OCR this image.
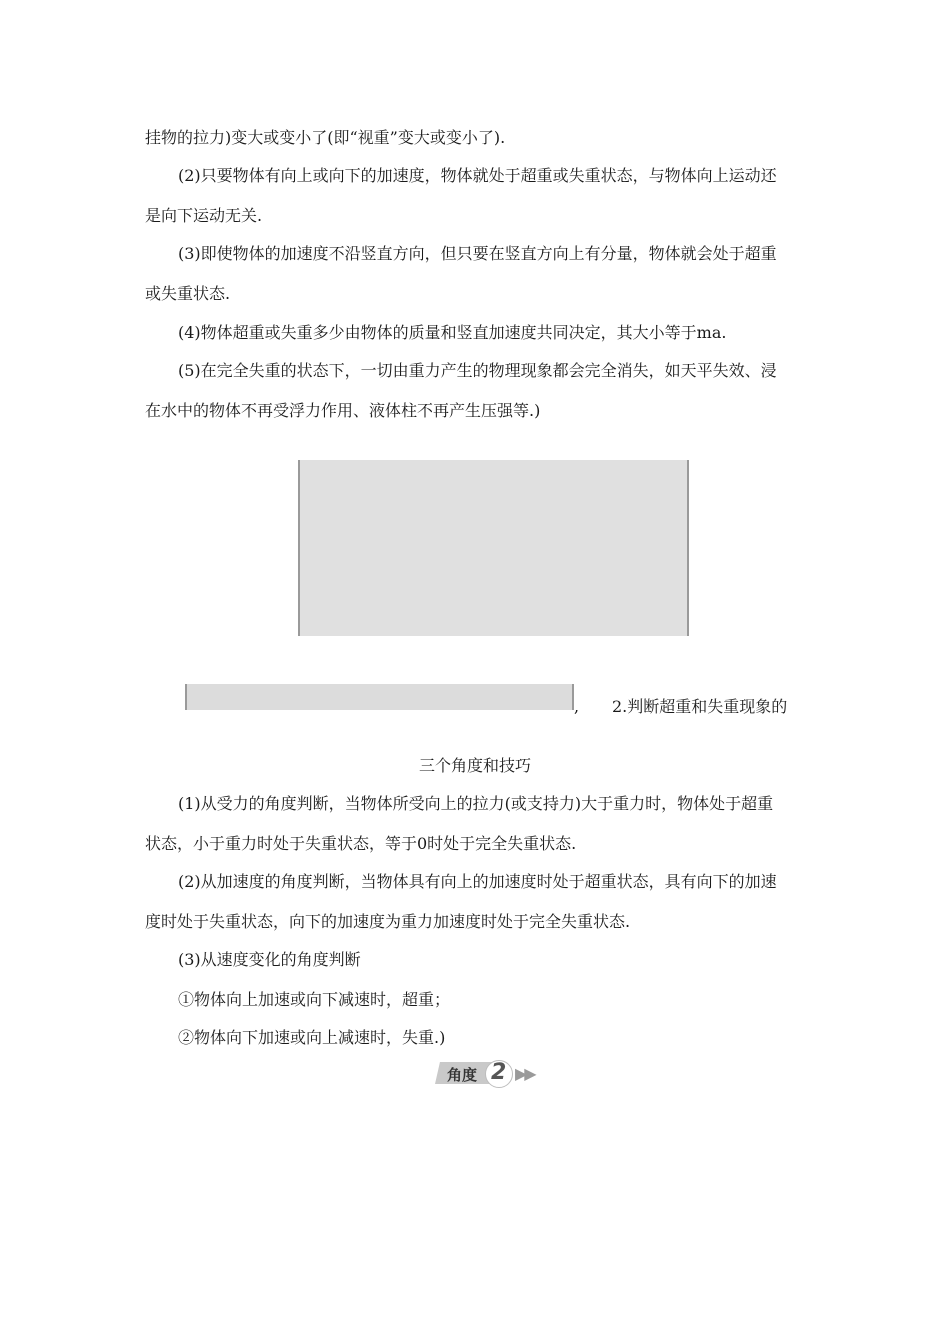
挂物的拉力)变大或变小了(即“视重”变大或变小了).
(2)只要物体有向上或向下的加速度，物体就处于超重或失重状态，与物体向上运动还
是向下运动无关.
(3)即使物体的加速度不沿竖直方向，但只要在竖直方向上有分量，物体就会处于超重
或失重状态.
(4)物体超重或失重多少由物体的质量和竖直加速度共同决定，其大小等于ma.
(5)在完全失重的状态下，一切由重力产生的物理现象都会完全消失，如天平失效、浸
在水中的物体不再受浮力作用、液体柱不再产生压强等.)
, 2.判断超重和失重现象的
三个角度和技巧
(1)从受力的角度判断，当物体所受向上的拉力(或支持力)大于重力时，物体处于超重
状态，小于重力时处于失重状态，等于0时处于完全失重状态.
(2)从加速度的角度判断，当物体具有向上的加速度时处于超重状态，具有向下的加速
度时处于失重状态，向下的加速度为重力加速度时处于完全失重状态.
(3)从速度变化的角度判断
①物体向上加速或向下减速时，超重；
②物体向下加速或向上减速时，失重.)
角度 2 ▶▶
